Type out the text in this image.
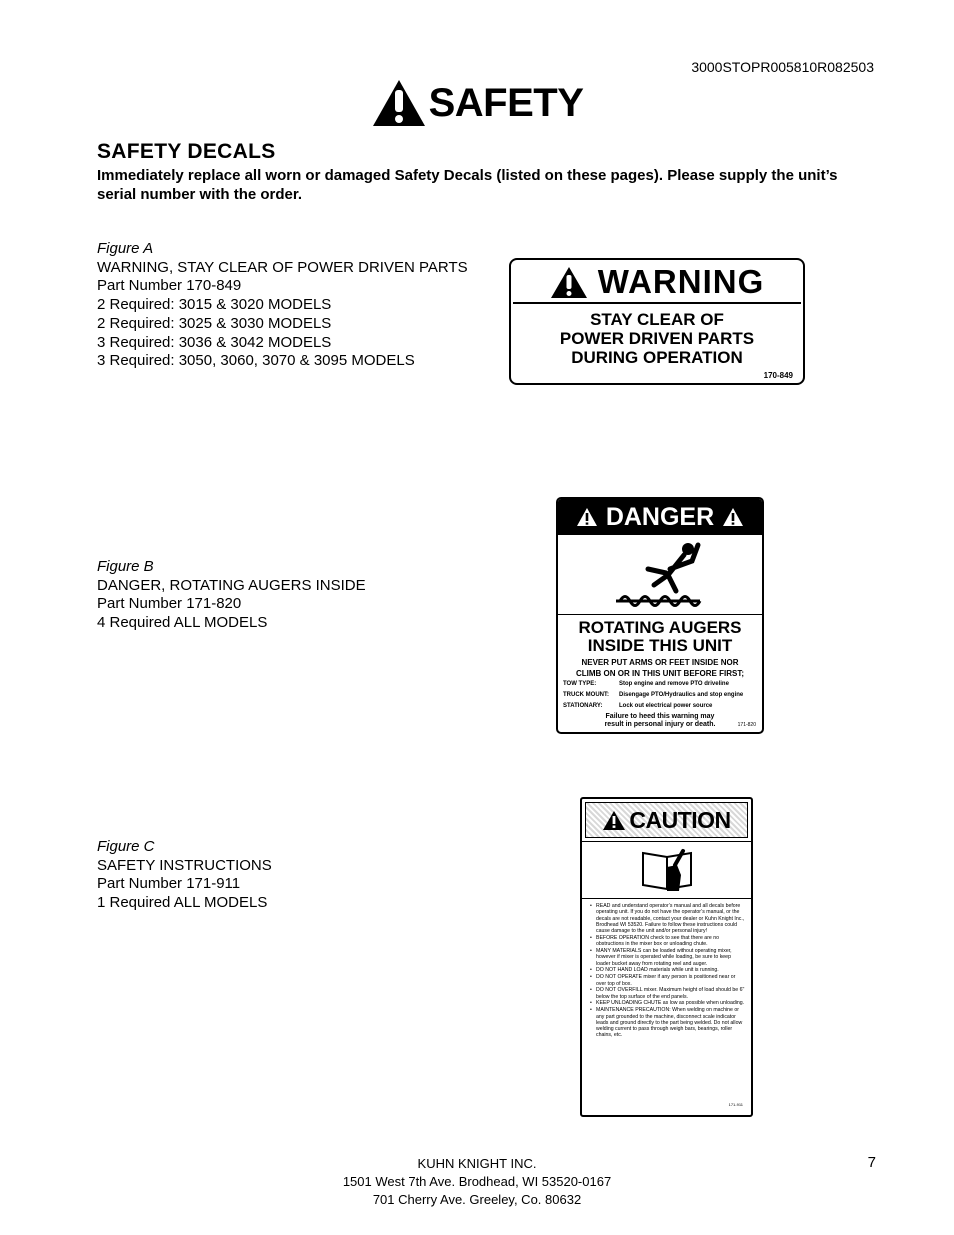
3000STOPR005810R082503
SAFETY
SAFETY DECALS
Immediately replace all worn or damaged Safety Decals (listed on these pages). Please supply the unit’s serial number with the order.
Figure A
WARNING, STAY CLEAR OF POWER DRIVEN PARTS
Part Number 170-849
2 Required: 3015 & 3020 MODELS
2 Required: 3025 & 3030 MODELS
3 Required: 3036 & 3042 MODELS
3 Required: 3050, 3060, 3070 & 3095 MODELS
Figure B
DANGER, ROTATING AUGERS INSIDE
Part Number 171-820
4 Required ALL MODELS
Figure C
SAFETY INSTRUCTIONS
Part Number 171-911
1 Required ALL MODELS
WARNING
STAY CLEAR OF
POWER DRIVEN PARTS
DURING OPERATION
170-849
DANGER
ROTATING AUGERS
INSIDE THIS UNIT
NEVER PUT ARMS OR FEET INSIDE NOR
CLIMB ON OR IN THIS UNIT BEFORE FIRST;
TOW TYPE:	Stop engine and remove PTO driveline
TRUCK MOUNT: Disengage PTO/Hydraulics and stop engine
STATIONARY:	Lock out electrical power source
Failure to heed this warning may
result in personal injury or death.	171-820
CAUTION
• READ and understand operator’s manual and all decals before operating unit. If you do not have the operator’s manual, or the decals are not readable, contact your dealer or Kuhn Knight Inc., Brodhead WI 53520. Failure to follow these instructions could cause damage to the unit and/or personal injury!
• BEFORE OPERATION check to see that there are no obstructions in the mixer box or unloading chute.
• MANY MATERIALS can be loaded without operating mixer, however if mixer is operated while loading, be sure to keep loader bucket away from rotating reel and auger.
• DO NOT HAND LOAD materials while unit is running.
• DO NOT OPERATE mixer if any person is positioned near or over top of box.
• DO NOT OVERFILL mixer. Maximum height of load should be 6" below the top surface of the end panels.
• KEEP UNLOADING CHUTE as low as possible when unloading.
• MAINTENANCE PRECAUTION: When welding on machine or any part grounded to the machine, disconnect scale indicator leads and ground directly to the part being welded. Do not allow welding current to pass through weigh bars, bearings, roller chains, etc.
171-911
KUHN KNIGHT INC.
1501 West 7th Ave. Brodhead, WI 53520-0167
701 Cherry Ave. Greeley, Co. 80632
7
